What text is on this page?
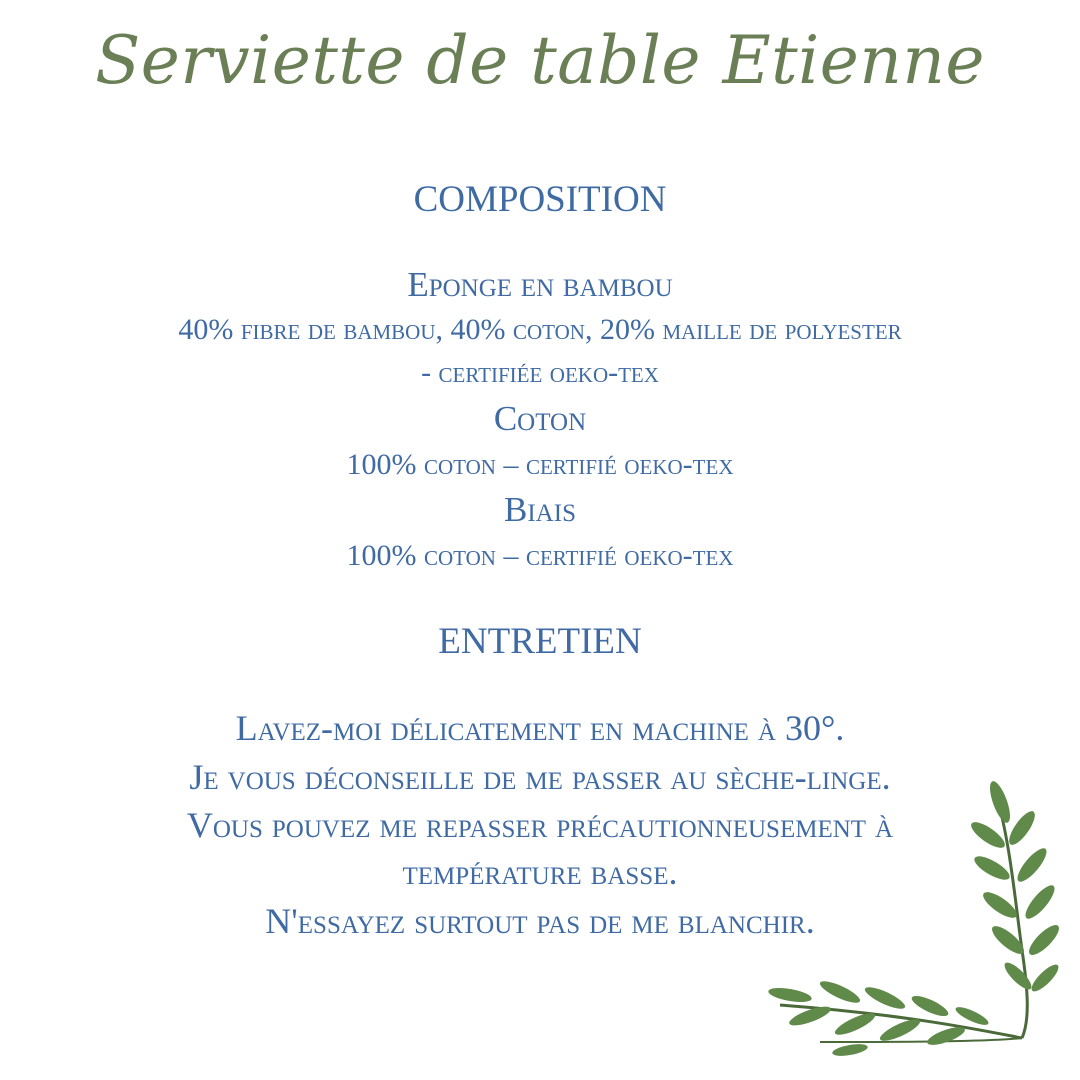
Serviette de table Etienne
COMPOSITION
Eponge en bambou
40% fibre de bambou, 40% coton, 20% maille de polyester
- certifiée oeko-tex
Coton
100% coton – certifié oeko-tex
Biais
100% coton – certifié oeko-tex
ENTRETIEN
Lavez-moi délicatement en machine à 30°.
Je vous déconseille de me passer au sèche-linge.
Vous pouvez me repasser précautionneusement à
température basse.
N'essayez surtout pas de me blanchir.
